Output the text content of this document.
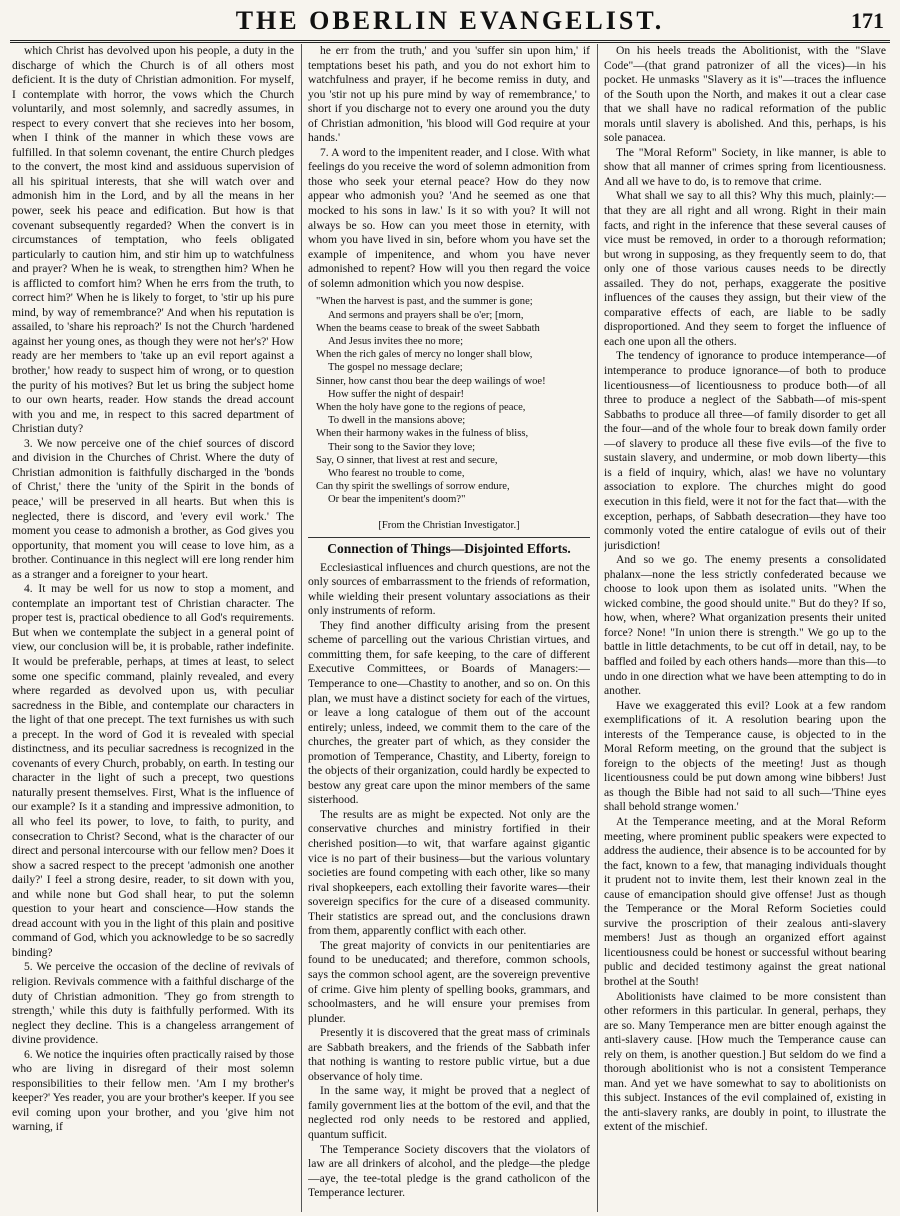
THE OBERLIN EVANGELIST.	171

which Christ has devolved upon his people, a duty in the discharge of which the Church is of all others most deficient. It is the duty of Christian admonition. For myself, I contemplate with horror, the vows which the Church voluntarily, and most solemnly, and sacredly assumes, in respect to every convert that she recieves into her bosom, when I think of the manner in which these vows are fulfilled. In that solemn covenant, the entire Church pledges to the convert, the most kind and assiduous supervision of all his spiritual interests, that she will watch over and admonish him in the Lord, and by all the means in her power, seek his peace and edification. But how is that covenant subsequently regarded? When the convert is in circumstances of temptation, who feels obligated particularly to caution him, and stir him up to watchfulness and prayer? When he is weak, to strengthen him? When he is afflicted to comfort him? When he errs from the truth, to correct him?' When he is likely to forget, to 'stir up his pure mind, by way of remembrance?' And when his reputation is assailed, to 'share his reproach?' Is not the Church 'hardened against her young ones, as though they were not her's?' How ready are her members to 'take up an evil report against a brother,' how ready to suspect him of wrong, or to question the purity of his motives? But let us bring the subject home to our own hearts, reader. How stands the dread account with you and me, in respect to this sacred department of Christian duty?

3. We now perceive one of the chief sources of discord and division in the Churches of Christ. Where the duty of Christian admonition is faithfully discharged in the 'bonds of Christ,' there the 'unity of the Spirit in the bonds of peace,' will be preserved in all hearts. But when this is neglected, there is discord, and 'every evil work.' The moment you cease to admonish a brother, as God gives you opportunity, that moment you will cease to love him, as a brother. Continuance in this neglect will ere long render him as a stranger and a foreigner to your heart.

4. It may be well for us now to stop a moment, and contemplate an important test of Christian character. The proper test is, practical obedience to all God's requirements. But when we contemplate the subject in a general point of view, our conclusion will be, it is probable, rather indefinite. It would be preferable, perhaps, at times at least, to select some one specific command, plainly revealed, and every where regarded as devolved upon us, with peculiar sacredness in the Bible, and contemplate our characters in the light of that one precept. The text furnishes us with such a precept. In the word of God it is revealed with special distinctness, and its peculiar sacredness is recognized in the covenants of every Church, probably, on earth. In testing our character in the light of such a precept, two questions naturally present themselves. First, What is the influence of our example? Is it a standing and impressive admonition, to all who feel its power, to love, to faith, to purity, and consecration to Christ? Second, what is the character of our direct and personal intercourse with our fellow men? Does it show a sacred respect to the precept 'admonish one another daily?' I feel a strong desire, reader, to sit down with you, and while none but God shall hear, to put the solemn question to your heart and conscience—How stands the dread account with you in the light of this plain and positive command of God, which you acknowledge to be so sacredly binding?

5. We perceive the occasion of the decline of revivals of religion. Revivals commence with a faithful discharge of the duty of Christian admonition. 'They go from strength to strength,' while this duty is faithfully performed. With its neglect they decline. This is a changeless arrangement of divine providence.

6. We notice the inquiries often practically raised by those who are living in disregard of their most solemn responsibilities to their fellow men. 'Am I my brother's keeper?' Yes reader, you are your brother's keeper. If you see evil coming upon your brother, and you 'give him not warning, if

he err from the truth,' and you 'suffer sin upon him,' if temptations beset his path, and you do not exhort him to watchfulness and prayer, if he become remiss in duty, and you 'stir not up his pure mind by way of remembrance,' to short if you discharge not to every one around you the duty of Christian admonition, 'his blood will God require at your hands.'

7. A word to the impenitent reader, and I close. With what feelings do you receive the word of solemn admonition from those who seek your eternal peace? How do they now appear who admonish you? 'And he seemed as one that mocked to his sons in law.' Is it so with you? It will not always be so. How can you meet those in eternity, with whom you have lived in sin, before whom you have set the example of impenitence, and whom you have never admonished to repent? How will you then regard the voice of solemn admonition which you now despise.

"When the harvest is past, and the summer is gone;
And sermons and prayers shall be o'er; [morn,
When the beams cease to break of the sweet Sabbath
And Jesus invites thee no more;
When the rich gales of mercy no longer shall blow,
The gospel no message declare;
Sinner, how canst thou bear the deep wailings of woe!
How suffer the night of despair!
When the holy have gone to the regions of peace,
To dwell in the mansions above;
When their harmony wakes in the fulness of bliss,
Their song to the Savior they love;
Say, O sinner, that livest at rest and secure,
Who fearest no trouble to come,
Can thy spirit the swellings of sorrow endure,
Or bear the impenitent's doom?"

[From the Christian Investigator.]

Connection of Things—Disjointed Efforts.

Ecclesiastical influences and church questions, are not the only sources of embarrassment to the friends of reformation, while wielding their present voluntary associations as their only instruments of reform.

They find another difficulty arising from the present scheme of parcelling out the various Christian virtues, and committing them, for safe keeping, to the care of different Executive Committees, or Boards of Managers:—Temperance to one—Chastity to another, and so on. On this plan, we must have a distinct society for each of the virtues, or leave a long catalogue of them out of the account entirely; unless, indeed, we commit them to the care of the churches, the greater part of which, as they consider the promotion of Temperance, Chastity, and Liberty, foreign to the objects of their organization, could hardly be expected to bestow any great care upon the minor members of the same sisterhood.

The results are as might be expected. Not only are the conservative churches and ministry fortified in their cherished position—to wit, that warfare against gigantic vice is no part of their business—but the various voluntary societies are found competing with each other, like so many rival shopkeepers, each extolling their favorite wares—their sovereign specifics for the cure of a diseased community. Their statistics are spread out, and the conclusions drawn from them, apparently conflict with each other.

The great majority of convicts in our penitentiaries are found to be uneducated; and therefore, common schools, says the common school agent, are the sovereign preventive of crime. Give him plenty of spelling books, grammars, and schoolmasters, and he will ensure your premises from plunder.

Presently it is discovered that the great mass of criminals are Sabbath breakers, and the friends of the Sabbath infer that nothing is wanting to restore public virtue, but a due observance of holy time.

In the same way, it might be proved that a neglect of family government lies at the bottom of the evil, and that the neglected rod only needs to be restored and applied, quantum sufficit.

The Temperance Society discovers that the violators of law are all drinkers of alcohol, and the pledge—the pledge—aye, the tee-total pledge is the grand catholicon of the Temperance lecturer.

On his heels treads the Abolitionist, with the "Slave Code"—(that grand patronizer of all the vices)—in his pocket. He unmasks "Slavery as it is"—traces the influence of the South upon the North, and makes it out a clear case that we shall have no radical reformation of the public morals until slavery is abolished. And this, perhaps, is his sole panacea.

The "Moral Reform" Society, in like manner, is able to show that all manner of crimes spring from licentiousness. And all we have to do, is to remove that crime.

What shall we say to all this? Why this much, plainly:—that they are all right and all wrong. Right in their main facts, and right in the inference that these several causes of vice must be removed, in order to a thorough reformation; but wrong in supposing, as they frequently seem to do, that only one of those various causes needs to be directly assailed. They do not, perhaps, exaggerate the positive influences of the causes they assign, but their view of the comparative effects of each, are liable to be sadly disproportioned. And they seem to forget the influence of each one upon all the others.

The tendency of ignorance to produce intemperance—of intemperance to produce ignorance—of both to produce licentiousness—of licentiousness to produce both—of all three to produce a neglect of the Sabbath—of mis-spent Sabbaths to produce all three—of family disorder to get all the four—and of the whole four to break down family order—of slavery to produce all these five evils—of the five to sustain slavery, and undermine, or mob down liberty—this is a field of inquiry, which, alas! we have no voluntary association to explore. The churches might do good execution in this field, were it not for the fact that—with the exception, perhaps, of Sabbath desecration—they have too commonly voted the entire catalogue of evils out of their jurisdiction!

And so we go. The enemy presents a consolidated phalanx—none the less strictly confederated because we choose to look upon them as isolated units. "When the wicked combine, the good should unite." But do they? If so, how, when, where? What organization presents their united force? None! "In union there is strength." We go up to the battle in little detachments, to be cut off in detail, nay, to be baffled and foiled by each others hands—more than this—to undo in one direction what we have been attempting to do in another.

Have we exaggerated this evil? Look at a few random exemplifications of it. A resolution bearing upon the interests of the Temperance cause, is objected to in the Moral Reform meeting, on the ground that the subject is foreign to the objects of the meeting! Just as though licentiousness could be put down among wine bibbers! Just as though the Bible had not said to all such—'Thine eyes shall behold strange women.'

At the Temperance meeting, and at the Moral Reform meeting, where prominent public speakers were expected to address the audience, their absence is to be accounted for by the fact, known to a few, that managing individuals thought it prudent not to invite them, lest their known zeal in the cause of emancipation should give offense! Just as though the Temperance or the Moral Reform Societies could survive the proscription of their zealous anti-slavery members! Just as though an organized effort against licentiousness could be honest or successful without bearing public and decided testimony against the great national brothel at the South!

Abolitionists have claimed to be more consistent than other reformers in this particular. In general, perhaps, they are so. Many Temperance men are bitter enough against the anti-slavery cause. [How much the Temperance cause can rely on them, is another question.] But seldom do we find a thorough abolitionist who is not a consistent Temperance man. And yet we have somewhat to say to abolitionists on this subject. Instances of the evil complained of, existing in the anti-slavery ranks, are doubly in point, to illustrate the extent of the mischief.
